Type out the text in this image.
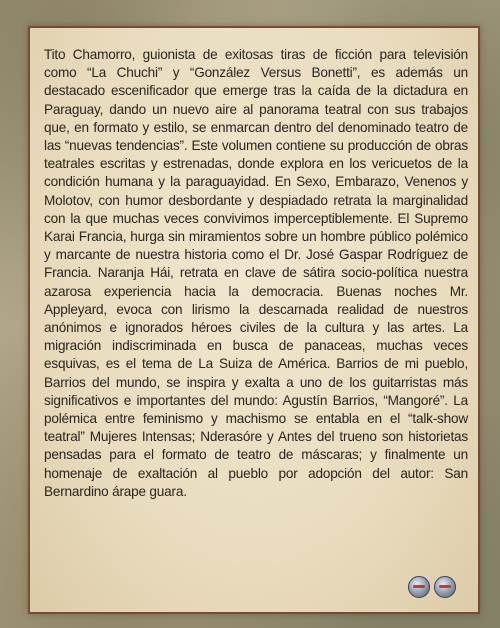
Tito Chamorro, guionista de exitosas tiras de ficción para televisión como “La Chuchi” y “González Versus Bonetti”, es además un destacado escenificador que emerge tras la caída de la dictadura en Paraguay, dando un nuevo aire al panorama teatral con sus trabajos que, en formato y estilo, se enmarcan dentro del denominado teatro de las “nuevas tendencias”. Este volumen contiene su producción de obras teatrales escritas y estrenadas, donde explora en los vericuetos de la condición humana y la paraguayidad. En Sexo, Embarazo, Venenos y Molotov, con humor desbordante y despiadado retrata la marginalidad con la que muchas veces convivimos imperceptiblemente. El Supremo Karai Francia, hurga sin miramientos sobre un hombre público polémico y marcante de nuestra historia como el Dr. José Gaspar Rodríguez de Francia. Naranja Hái, retrata en clave de sátira socio-política nuestra azarosa experiencia hacia la democracia. Buenas noches Mr. Appleyard, evoca con lirismo la descarnada realidad de nuestros anónimos e ignorados héroes civiles de la cultura y las artes. La migración indiscriminada en busca de panaceas, muchas veces esquivas, es el tema de La Suiza de América. Barrios de mi pueblo, Barrios del mundo, se inspira y exalta a uno de los guitarristas más significativos e importantes del mundo: Agustín Barrios, “Mangoré”. La polémica entre feminismo y machismo se entabla en el “talk-show teatral” Mujeres Intensas; Nderasóre y Antes del trueno son historietas pensadas para el formato de teatro de máscaras; y finalmente un homenaje de exaltación al pueblo por adopción del autor: San Bernardino árape guara.
